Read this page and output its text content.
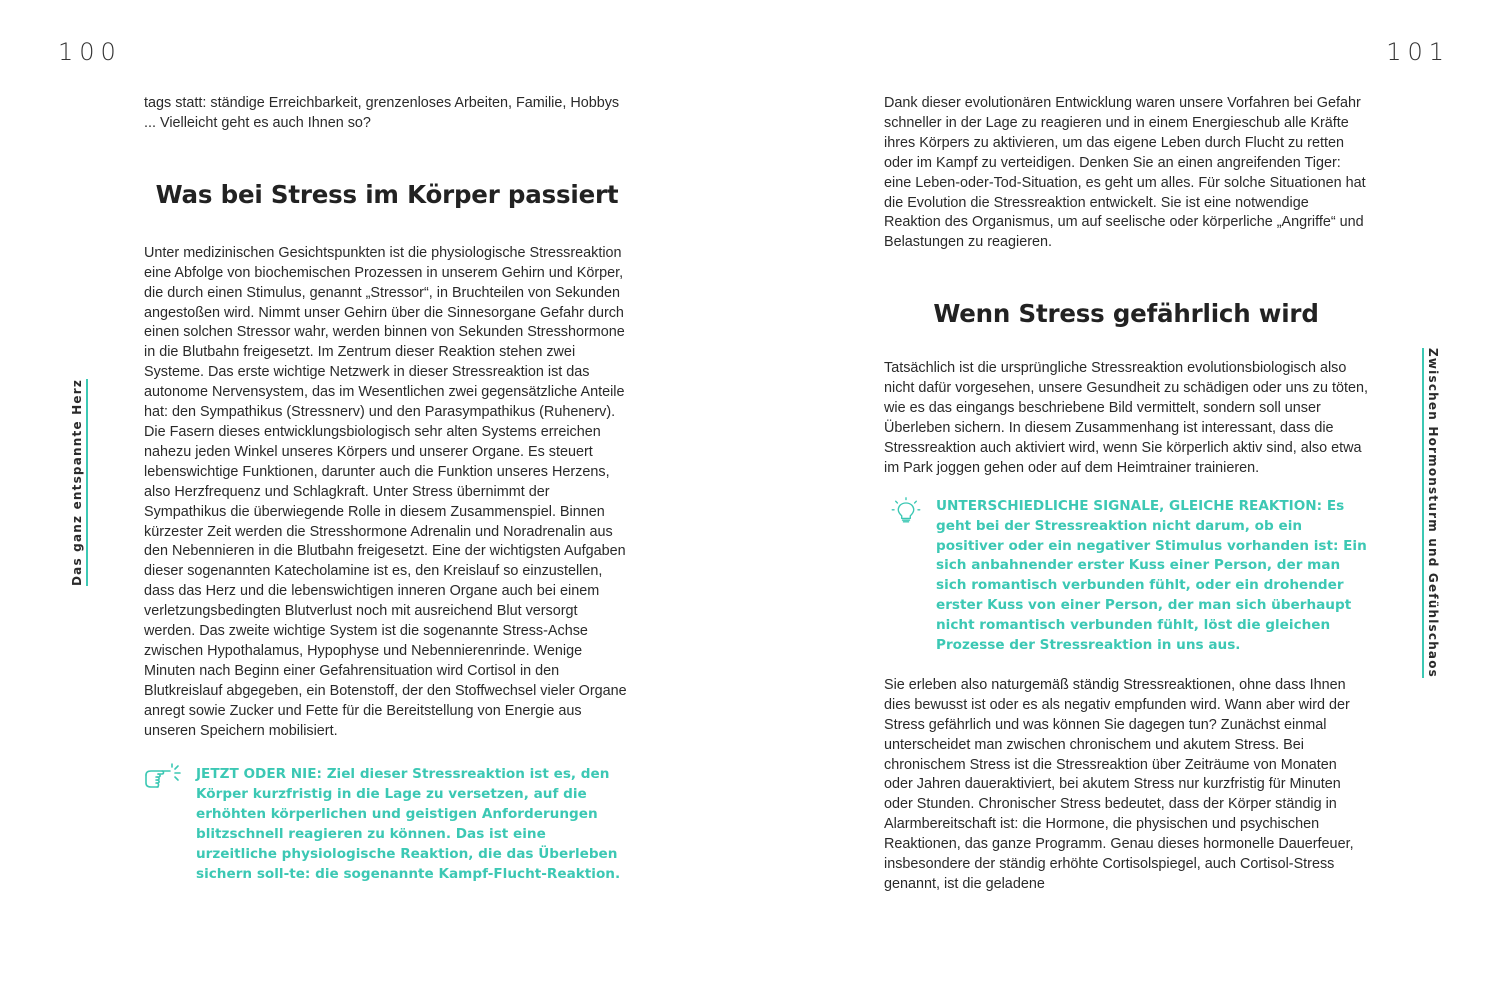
100	101
Das ganz entspannte Herz	Zwischen Hormonsturm und Gefühlschaos

tags statt: ständige Erreichbarkeit, grenzenloses Arbeiten, Familie, Hobbys ... Vielleicht geht es auch Ihnen so?

Was bei Stress im Körper passiert

Unter medizinischen Gesichtspunkten ist die physiologische Stressreaktion eine Abfolge von biochemischen Prozessen in unserem Gehirn und Körper, die durch einen Stimulus, genannt „Stressor“, in Bruchteilen von Sekunden angestoßen wird. Nimmt unser Gehirn über die Sinnesorgane Gefahr durch einen solchen Stressor wahr, werden binnen von Sekunden Stresshormone in die Blutbahn freigesetzt. Im Zentrum dieser Reaktion stehen zwei Systeme. Das erste wichtige Netzwerk in dieser Stressreaktion ist das autonome Nervensystem, das im Wesentlichen zwei gegensätzliche Anteile hat: den Sympathikus (Stressnerv) und den Parasympathikus (Ruhenerv). Die Fasern dieses entwicklungsbiologisch sehr alten Systems erreichen nahezu jeden Winkel unseres Körpers und unserer Organe. Es steuert lebenswichtige Funktionen, darunter auch die Funktion unseres Herzens, also Herzfrequenz und Schlagkraft. Unter Stress übernimmt der Sympathikus die überwiegende Rolle in diesem Zusammenspiel. Binnen kürzester Zeit werden die Stresshormone Adrenalin und Noradrenalin aus den Nebennieren in die Blutbahn freigesetzt. Eine der wichtigsten Aufgaben dieser sogenannten Katecholamine ist es, den Kreislauf so einzustellen, dass das Herz und die lebenswichtigen inneren Organe auch bei einem verletzungsbedingten Blutverlust noch mit ausreichend Blut versorgt werden. Das zweite wichtige System ist die sogenannte Stress-Achse zwischen Hypothalamus, Hypophyse und Nebennierenrinde. Wenige Minuten nach Beginn einer Gefahrensituation wird Cortisol in den Blutkreislauf abgegeben, ein Botenstoff, der den Stoffwechsel vieler Organe anregt sowie Zucker und Fette für die Bereitstellung von Energie aus unseren Speichern mobilisiert.

JETZT ODER NIE: Ziel dieser Stressreaktion ist es, den Körper kurzfristig in die Lage zu versetzen, auf die erhöhten körperlichen und geistigen Anforderungen blitzschnell reagieren zu können. Das ist eine urzeitliche physiologische Reaktion, die das Überleben sichern soll-te: die sogenannte Kampf-Flucht-Reaktion.

Dank dieser evolutionären Entwicklung waren unsere Vorfahren bei Gefahr schneller in der Lage zu reagieren und in einem Energieschub alle Kräfte ihres Körpers zu aktivieren, um das eigene Leben durch Flucht zu retten oder im Kampf zu verteidigen. Denken Sie an einen angreifenden Tiger: eine Leben-oder-Tod-Situation, es geht um alles. Für solche Situationen hat die Evolution die Stressreaktion entwickelt. Sie ist eine notwendige Reaktion des Organismus, um auf seelische oder körperliche „Angriffe“ und Belastungen zu reagieren.

Wenn Stress gefährlich wird

Tatsächlich ist die ursprüngliche Stressreaktion evolutionsbiologisch also nicht dafür vorgesehen, unsere Gesundheit zu schädigen oder uns zu töten, wie es das eingangs beschriebene Bild vermittelt, sondern soll unser Überleben sichern. In diesem Zusammenhang ist interessant, dass die Stressreaktion auch aktiviert wird, wenn Sie körperlich aktiv sind, also etwa im Park joggen gehen oder auf dem Heimtrainer trainieren.

UNTERSCHIEDLICHE SIGNALE, GLEICHE REAKTION: Es geht bei der Stressreaktion nicht darum, ob ein positiver oder ein negativer Stimulus vorhanden ist: Ein sich anbahnender erster Kuss einer Person, der man sich romantisch verbunden fühlt, oder ein drohender erster Kuss von einer Person, der man sich überhaupt nicht romantisch verbunden fühlt, löst die gleichen Prozesse der Stressreaktion in uns aus.

Sie erleben also naturgemäß ständig Stressreaktionen, ohne dass Ihnen dies bewusst ist oder es als negativ empfunden wird. Wann aber wird der Stress gefährlich und was können Sie dagegen tun? Zunächst einmal unterscheidet man zwischen chronischem und akutem Stress. Bei chronischem Stress ist die Stressreaktion über Zeiträume von Monaten oder Jahren daueraktiviert, bei akutem Stress nur kurzfristig für Minuten oder Stunden. Chronischer Stress bedeutet, dass der Körper ständig in Alarmbereitschaft ist: die Hormone, die physischen und psychischen Reaktionen, das ganze Programm. Genau dieses hormonelle Dauerfeuer, insbesondere der ständig erhöhte Cortisolspiegel, auch Cortisol-Stress genannt, ist die geladene
